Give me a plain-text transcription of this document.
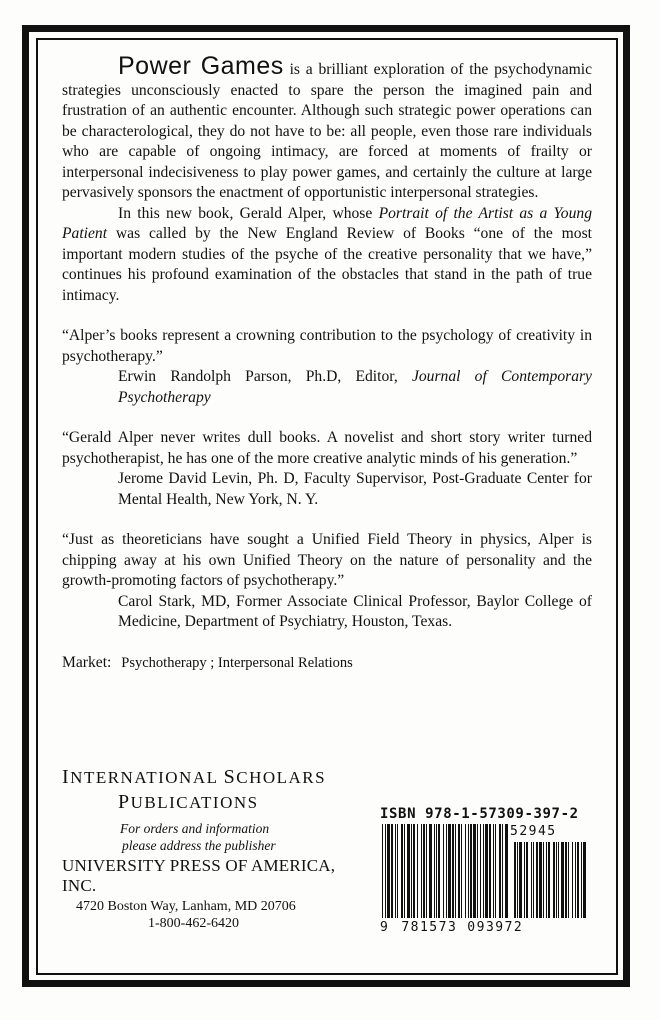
Power Games is a brilliant exploration of the psychodynamic strategies unconsciously enacted to spare the person the imagined pain and frustration of an authentic encounter. Although such strategic power operations can be characterological, they do not have to be: all people, even those rare individuals who are capable of ongoing intimacy, are forced at moments of frailty or interpersonal indecisiveness to play power games, and certainly the culture at large pervasively sponsors the enactment of opportunistic interpersonal strategies.

In this new book, Gerald Alper, whose Portrait of the Artist as a Young Patient was called by the New England Review of Books “one of the most important modern studies of the psyche of the creative personality that we have,” continues his profound examination of the obstacles that stand in the path of true intimacy.

“Alper’s books represent a crowning contribution to the psychology of creativity in psychotherapy.”

Erwin Randolph Parson, Ph.D, Editor, Journal of Contemporary Psychotherapy

“Gerald Alper never writes dull books. A novelist and short story writer turned psychotherapist, he has one of the more creative analytic minds of his generation.”

Jerome David Levin, Ph. D, Faculty Supervisor, Post-Graduate Center for Mental Health, New York, N. Y.

“Just as theoreticians have sought a Unified Field Theory in physics, Alper is chipping away at his own Unified Theory on the nature of personality and the growth-promoting factors of psychotherapy.”

Carol Stark, MD, Former Associate Clinical Professor, Baylor College of Medicine, Department of Psychiatry, Houston, Texas.

Market: Psychotherapy ; Interpersonal Relations

INTERNATIONAL SCHOLARS
PUBLICATIONS
For orders and information
please address the publisher
UNIVERSITY PRESS OF AMERICA, INC.
4720 Boston Way, Lanham, MD 20706
1-800-462-6420
ISBN 978-1-57309-397-2
52945
9 781573 093972
